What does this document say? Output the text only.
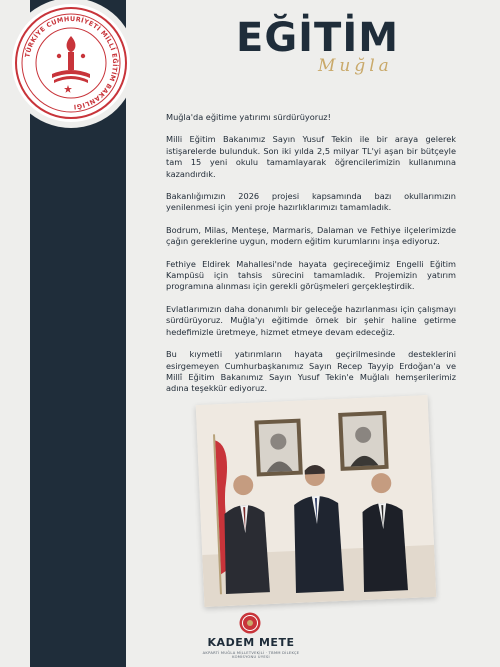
TÜRKİYE CUMHURİYETİ MİLLÎ EĞİTİM BAKANLIĞI
EĞİTİM
Muğla

Muğla'da eğitime yatırımı sürdürüyoruz!

Milli Eğitim Bakanımız Sayın Yusuf Tekin ile bir araya gelerek istişarelerde bulunduk. Son iki yılda 2,5 milyar TL'yi aşan bir bütçeyle tam 15 yeni okulu tamamlayarak öğrencilerimizin kullanımına kazandırdık.

Bakanlığımızın 2026 projesi kapsamında bazı okullarımızın yenilenmesi için yeni proje hazırlıklarımızı tamamladık.

Bodrum, Milas, Menteşe, Marmaris, Dalaman ve Fethiye ilçelerimizde çağın gereklerine uygun, modern eğitim kurumlarını inşa ediyoruz.

Fethiye Eldirek Mahallesi'nde hayata geçireceğimiz Engelli Eğitim Kampüsü için tahsis sürecini tamamladık. Projemizin yatırım programına alınması için gerekli görüşmeleri gerçekleştirdik.

Evlatlarımızın daha donanımlı bir geleceğe hazırlanması için çalışmayı sürdürüyoruz. Muğla'yı eğitimde örnek bir şehir haline getirme hedefimizle üretmeye, hizmet etmeye devam edeceğiz.

Bu kıymetli yatırımların hayata geçirilmesinde desteklerini esirgemeyen Cumhurbaşkanımız Sayın Recep Tayyip Erdoğan'a ve Millî Eğitim Bakanımız Sayın Yusuf Tekin'e Muğlalı hemşerilerimiz adına teşekkür ediyoruz.

KADEM METE
AKPARTİ MUĞLA MİLLETVEKİLİ · TBMM DİLEKÇE KOMİSYONU ÜYESİ
